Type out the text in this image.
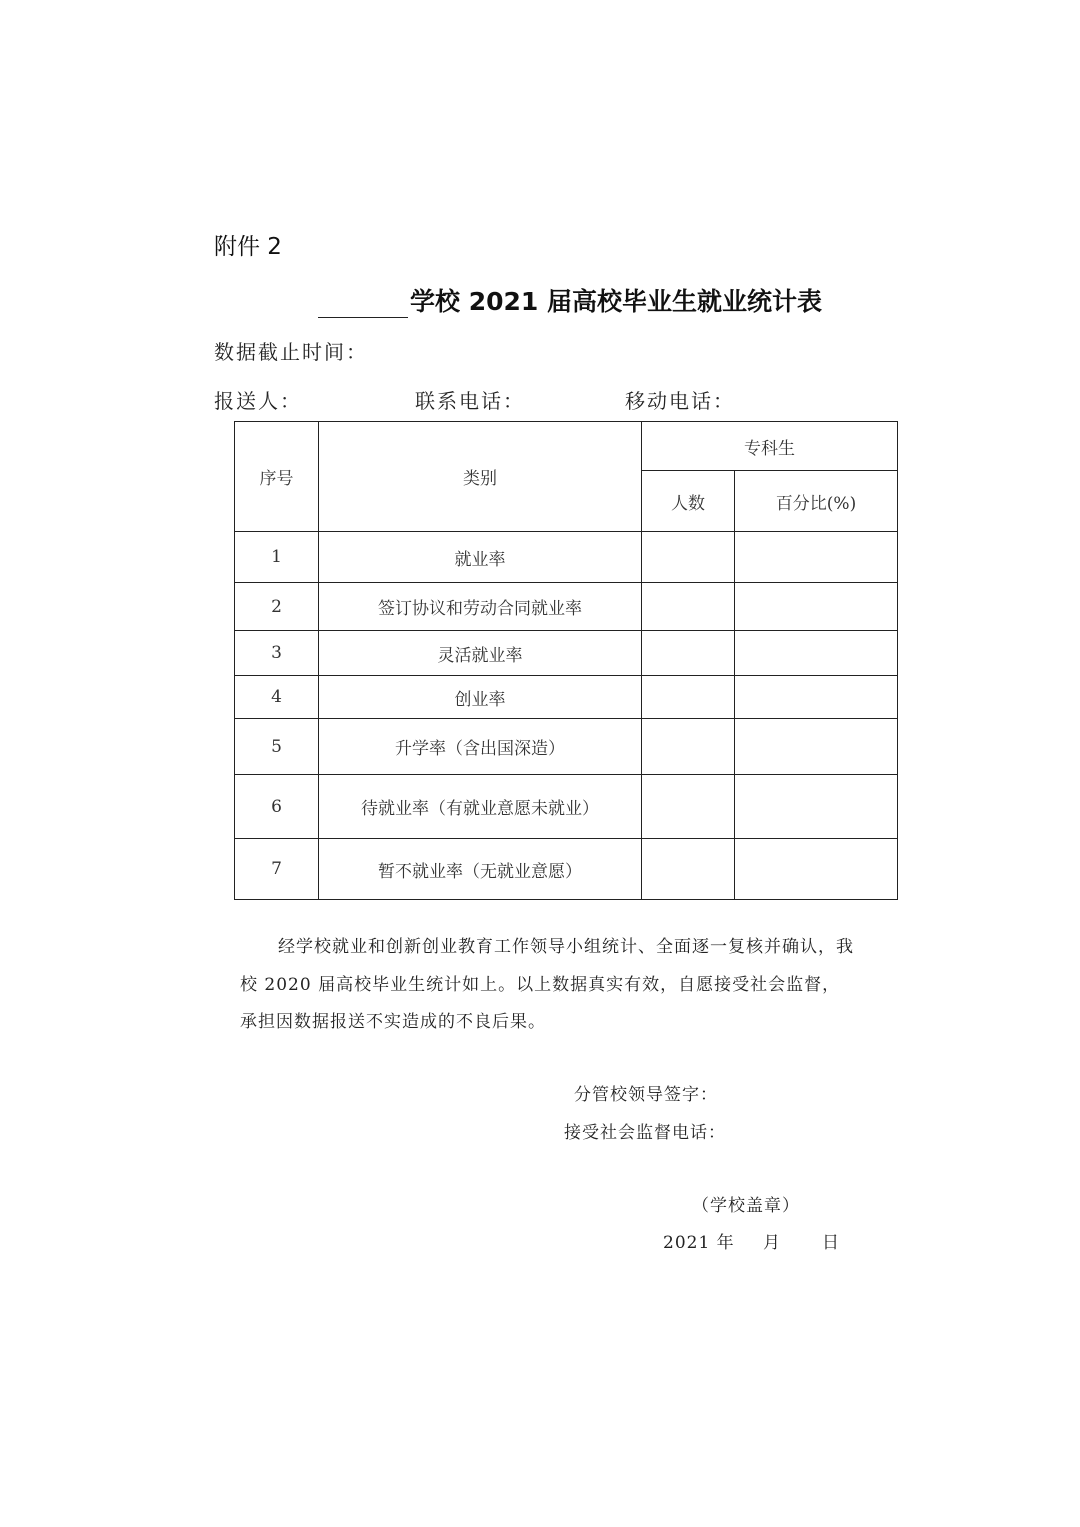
附件 2
学校 2021 届高校毕业生就业统计表
数据截止时间：
报送人：	联系电话：	移动电话：
序号	类别	专科生	
		人数	百分比(%)
1	就业率		
2	签订协议和劳动合同就业率		
3	灵活就业率		
4	创业率		
5	升学率（含出国深造）		
6	待就业率（有就业意愿未就业）		
7	暂不就业率（无就业意愿）		
经学校就业和创新创业教育工作领导小组统计、全面逐一复核并确认，我
校 2020 届高校毕业生统计如上。以上数据真实有效，自愿接受社会监督，
承担因数据报送不实造成的不良后果。
分管校领导签字：
接受社会监督电话：
（学校盖章）
2021 年 月 日
